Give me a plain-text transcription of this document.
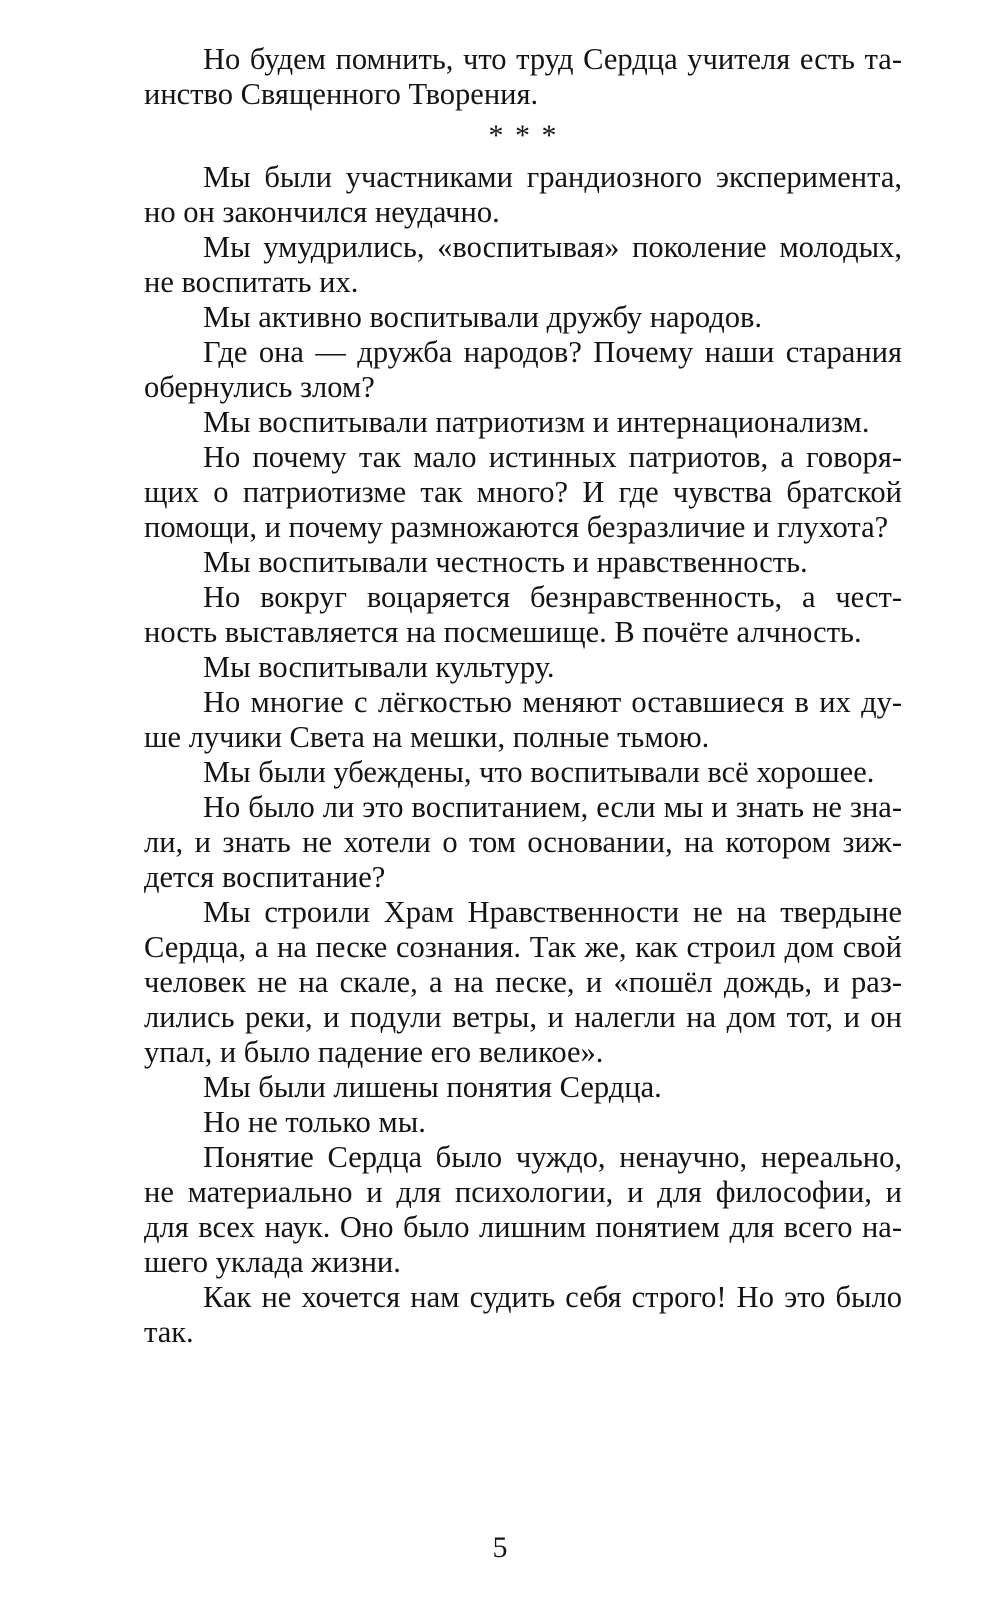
Но будем помнить, что труд Сердца учителя есть та-
инство Священного Творения.
* * *
Мы были участниками грандиозного эксперимента,
но он закончился неудачно.
Мы умудрились, «воспитывая» поколение молодых,
не воспитать их.
Мы активно воспитывали дружбу народов.
Где она — дружба народов? Почему наши старания
обернулись злом?
Мы воспитывали патриотизм и интернационализм.
Но почему так мало истинных патриотов, а говоря-
щих о патриотизме так много? И где чувства братской
помощи, и почему размножаются безразличие и глухота?
Мы воспитывали честность и нравственность.
Но вокруг воцаряется безнравственность, а чест-
ность выставляется на посмешище. В почёте алчность.
Мы воспитывали культуру.
Но многие с лёгкостью меняют оставшиеся в их ду-
ше лучики Света на мешки, полные тьмою.
Мы были убеждены, что воспитывали всё хорошее.
Но было ли это воспитанием, если мы и знать не зна-
ли, и знать не хотели о том основании, на котором зиж-
дется воспитание?
Мы строили Храм Нравственности не на твердыне
Сердца, а на песке сознания. Так же, как строил дом свой
человек не на скале, а на песке, и «пошёл дождь, и раз-
лились реки, и подули ветры, и налегли на дом тот, и он
упал, и было падение его великое».
Мы были лишены понятия Сердца.
Но не только мы.
Понятие Сердца было чуждо, ненаучно, нереально,
не материально и для психологии, и для философии, и
для всех наук. Оно было лишним понятием для всего на-
шего уклада жизни.
Как не хочется нам судить себя строго! Но это было
так.
5
